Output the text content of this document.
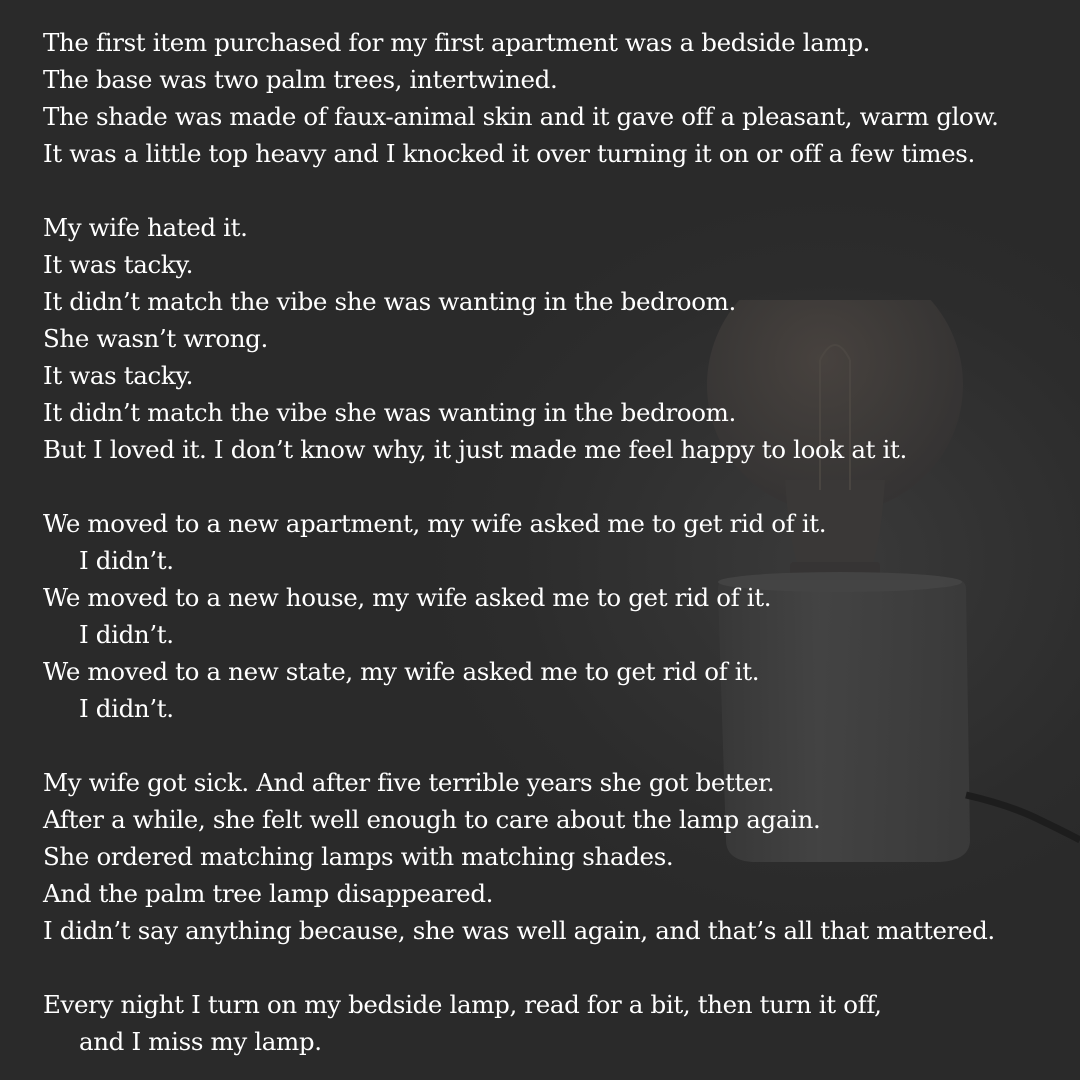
The first item purchased for my first apartment was a bedside lamp.
The base was two palm trees, intertwined.
The shade was made of faux-animal skin and it gave off a pleasant, warm glow.
It was a little top heavy and I knocked it over turning it on or off a few times.
My wife hated it.
It was tacky.
It didn’t match the vibe she was wanting in the bedroom.
She wasn’t wrong.
It was tacky.
It didn’t match the vibe she was wanting in the bedroom.
But I loved it. I don’t know why, it just made me feel happy to look at it.
We moved to a new apartment, my wife asked me to get rid of it.
I didn’t.
We moved to a new house, my wife asked me to get rid of it.
I didn’t.
We moved to a new state, my wife asked me to get rid of it.
I didn’t.
My wife got sick. And after five terrible years she got better.
After a while, she felt well enough to care about the lamp again.
She ordered matching lamps with matching shades.
And the palm tree lamp disappeared.
I didn’t say anything because, she was well again, and that’s all that mattered.
Every night I turn on my bedside lamp, read for a bit, then turn it off,
and I miss my lamp.
